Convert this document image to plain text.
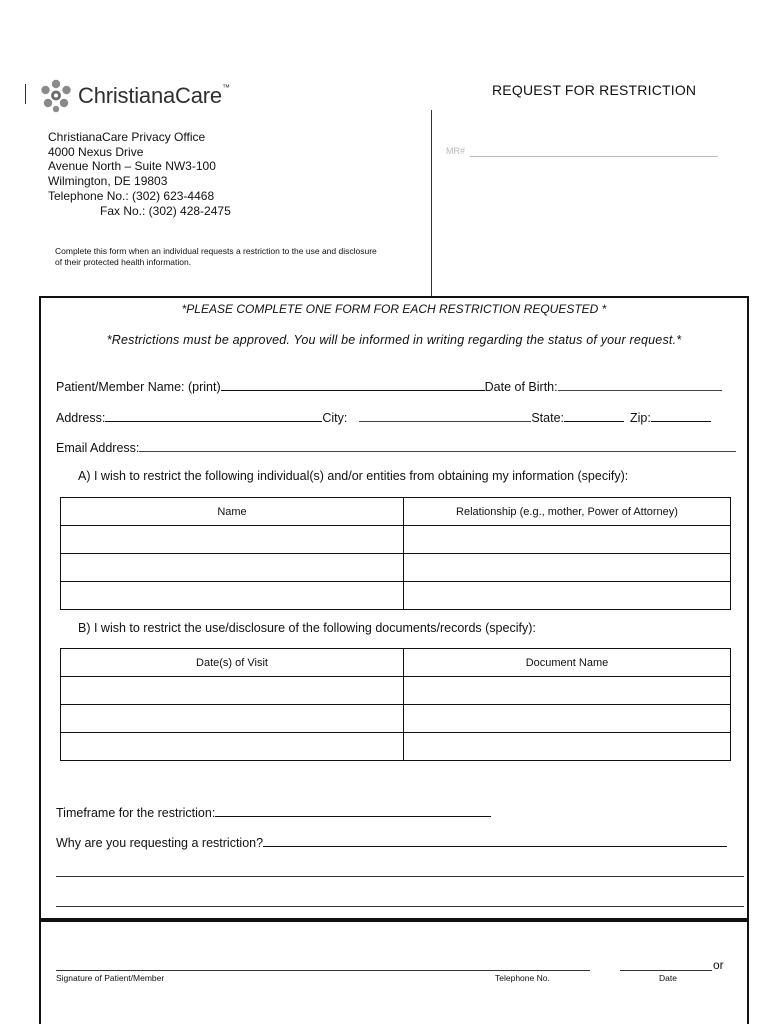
ChristianaCare™	REQUEST FOR RESTRICTION
MR#
ChristianaCare Privacy Office
4000 Nexus Drive
Avenue North – Suite NW3-100
Wilmington, DE 19803
Telephone No.: (302) 623-4468
Fax No.: (302) 428-2475
Complete this form when an individual requests a restriction to the use and disclosure
of their protected health information.
*PLEASE COMPLETE ONE FORM FOR EACH RESTRICTION REQUESTED *
*Restrictions must be approved. You will be informed in writing regarding the status of your request.*
Patient/Member Name: (print)	Date of Birth:
Address:	City:	State:	Zip:
Email Address:
A) I wish to restrict the following individual(s) and/or entities from obtaining my information (specify):
Name	Relationship (e.g., mother, Power of Attorney)

B) I wish to restrict the use/disclosure of the following documents/records (specify):
Date(s) of Visit	Document Name

Timeframe for the restriction:
Why are you requesting a restriction?
or
Signature of Patient/Member	Telephone No.	Date
